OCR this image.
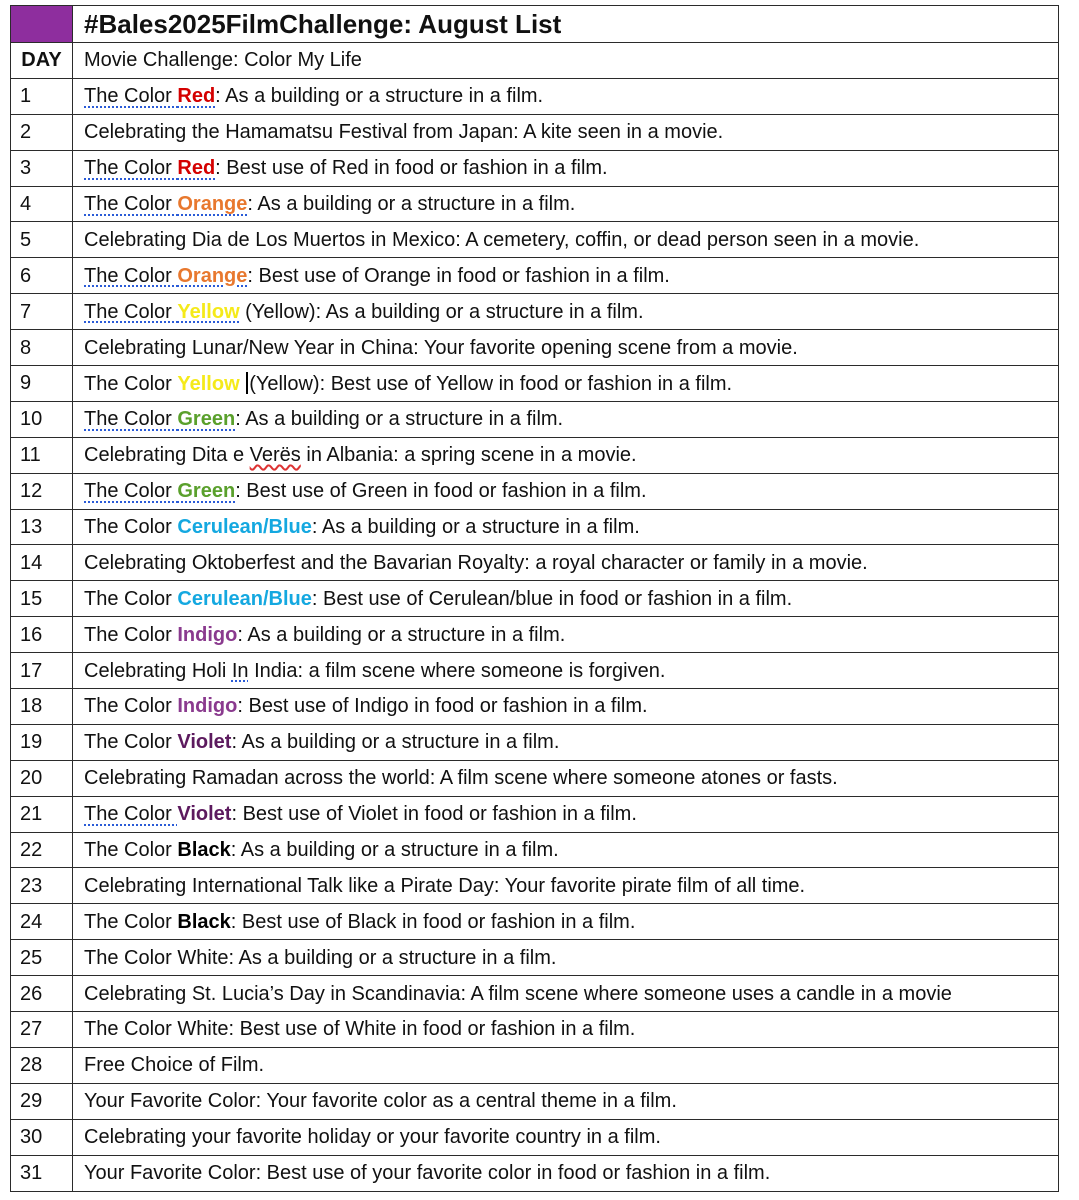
	#Bales2025FilmChallenge: August List
DAY	Movie Challenge: Color My Life
1	The Color Red: As a building or a structure in a film.
2	Celebrating the Hamamatsu Festival from Japan: A kite seen in a movie.
3	The Color Red: Best use of Red in food or fashion in a film.
4	The Color Orange: As a building or a structure in a film.
5	Celebrating Dia de Los Muertos in Mexico: A cemetery, coffin, or dead person seen in a movie.
6	The Color Orange: Best use of Orange in food or fashion in a film.
7	The Color Yellow (Yellow): As a building or a structure in a film.
8	Celebrating Lunar/New Year in China: Your favorite opening scene from a movie.
9	The Color Yellow (Yellow): Best use of Yellow in food or fashion in a film.
10	The Color Green: As a building or a structure in a film.
11	Celebrating Dita e Verës in Albania: a spring scene in a movie.
12	The Color Green: Best use of Green in food or fashion in a film.
13	The Color Cerulean/Blue: As a building or a structure in a film.
14	Celebrating Oktoberfest and the Bavarian Royalty: a royal character or family in a movie.
15	The Color Cerulean/Blue: Best use of Cerulean/blue in food or fashion in a film.
16	The Color Indigo: As a building or a structure in a film.
17	Celebrating Holi In India: a film scene where someone is forgiven.
18	The Color Indigo: Best use of Indigo in food or fashion in a film.
19	The Color Violet: As a building or a structure in a film.
20	Celebrating Ramadan across the world: A film scene where someone atones or fasts.
21	The Color Violet: Best use of Violet in food or fashion in a film.
22	The Color Black: As a building or a structure in a film.
23	Celebrating International Talk like a Pirate Day: Your favorite pirate film of all time.
24	The Color Black: Best use of Black in food or fashion in a film.
25	The Color White: As a building or a structure in a film.
26	Celebrating St. Lucia’s Day in Scandinavia: A film scene where someone uses a candle in a movie
27	The Color White: Best use of White in food or fashion in a film.
28	Free Choice of Film.
29	Your Favorite Color: Your favorite color as a central theme in a film.
30	Celebrating your favorite holiday or your favorite country in a film.
31	Your Favorite Color: Best use of your favorite color in food or fashion in a film.
